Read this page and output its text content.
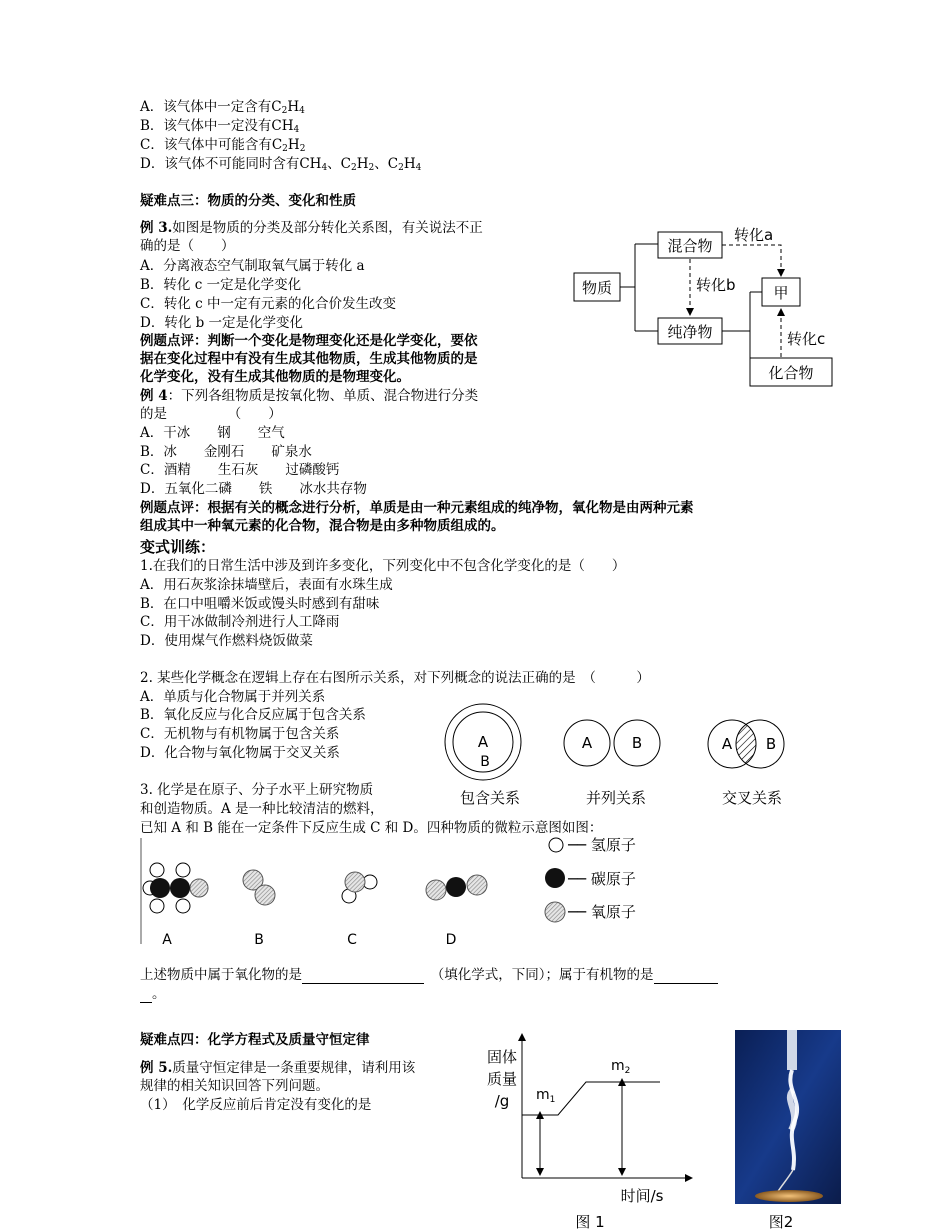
A．该气体中一定含有$C_2H_4$
B．该气体中一定没有$CH_4$
C．该气体中可能含有$C_2H_2$
D．该气体不可能同时含有$CH_4$、$C_2H_2$、$C_2H_4$
疑难点三：物质的分类、变化和性质
例 3.如图是物质的分类及部分转化关系图，有关说法不正
确的是（　　）
A．分离液态空气制取氧气属于转化 a
B．转化 c 一定是化学变化
C．转化 c 中一定有元素的化合价发生改变
D．转化 b 一定是化学变化
例题点评：判断一个变化是物理变化还是化学变化，要依
据在变化过程中有没有生成其他物质，生成其他物质的是
化学变化，没有生成其他物质的是物理变化。
例 4：下列各组物质是按氧化物、单质、混合物进行分类
的是　　　　　（　　）
A．干冰　　钢　　空气
B．冰　　金刚石　　矿泉水
C．酒精　　生石灰　　过磷酸钙
D．五氧化二磷　　铁　　冰水共存物
例题点评：根据有关的概念进行分析，单质是由一种元素组成的纯净物，氧化物是由两种元素
组成其中一种氧元素的化合物，混合物是由多种物质组成的。
物质
混合物
纯净物
甲
化合物
转化a
转化b
转化c
变式训练：
1.在我们的日常生活中涉及到许多变化，下列变化中不包含化学变化的是（　　）
A．用石灰浆涂抹墙壁后，表面有水珠生成
B．在口中咀嚼米饭或馒头时感到有甜味
C．用干冰做制冷剂进行人工降雨
D．使用煤气作燃料烧饭做菜
2. 某些化学概念在逻辑上存在右图所示关系，对下列概念的说法正确的是　（　　　）
A．单质与化合物属于并列关系
B．氧化反应与化合反应属于包含关系
C．无机物与有机物属于包含关系
D．化合物与氧化物属于交叉关系
A
B
包含关系
A	B
并列关系
A B
交叉关系
3. 化学是在原子、分子水平上研究物质
和创造物质。A 是一种比较清洁的燃料，
已知 A 和 B 能在一定条件下反应生成 C 和 D。四种物质的微粒示意图如图：
A	B	C	D
── 氢原子
── 碳原子
── 氧原子
上述物质中属于氧化物的是　	（填化学式，下同）；属于有机物的是
。
疑难点四：化学方程式及质量守恒定律
例 5.质量守恒定律是一条重要规律，请利用该
规律的相关知识回答下列问题。
（1）　化学反应前后肯定没有变化的是
固体
质量
/g $m_1$
$m_2$
时间/s
图 1	图2
